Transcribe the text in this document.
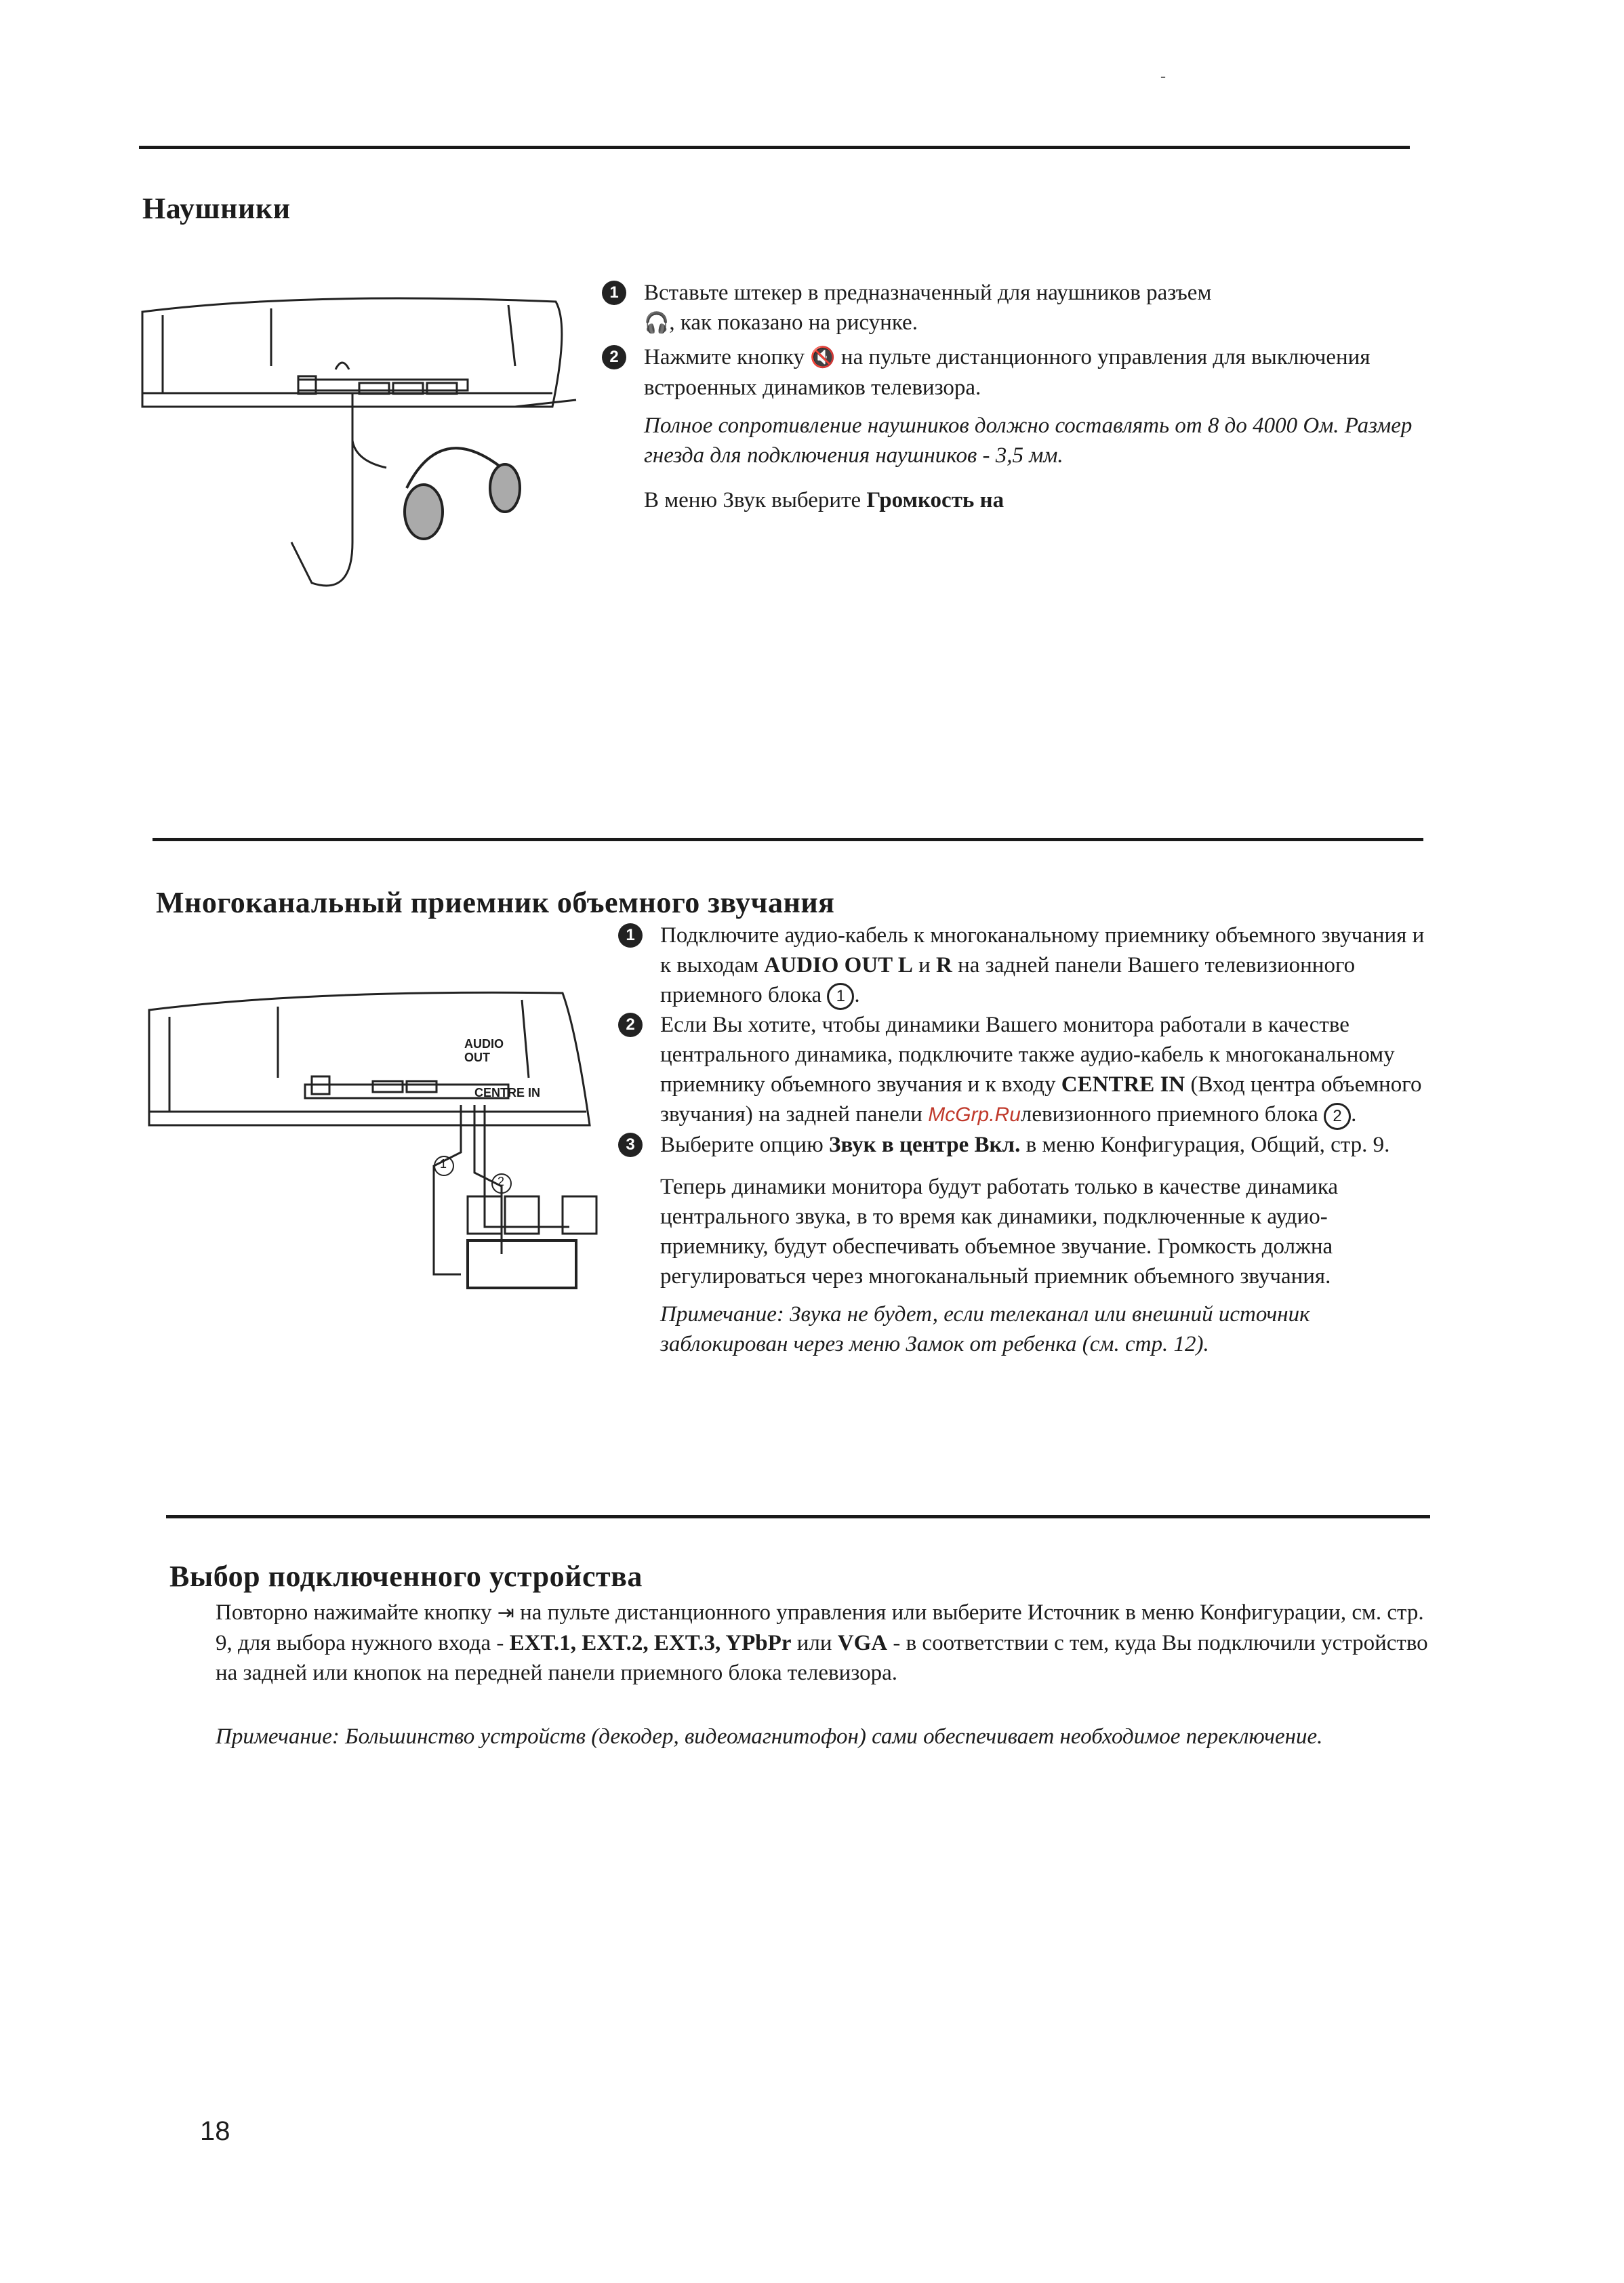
-
Наушники
1	Вставьте штекер в предназначенный для наушников разъем
🎧, как показано на рисунке.
2	Нажмите кнопку 🔇 на пульте дистанционного управления для выключения встроенных динамиков телевизора.
Полное сопротивление наушников должно составлять от 8 до 4000 Ом. Размер гнезда для подключения наушников - 3,5 мм.
В меню Звук выберите Громкость на
Многоканальный приемник объемного звучания
AUDIO
OUT
CENTRE IN
1
2
1	Подключите аудио-кабель к многоканальному приемнику объемного звучания и к выходам AUDIO OUT L и R на задней панели Вашего телевизионного приемного блока 1 .
2	Если Вы хотите, чтобы динамики Вашего монитора работали в качестве центрального динамика, подключите также аудио-кабель к многоканальному приемнику объемного звучания и к входу CENTRE IN (Вход центра объемного звучания) на задней панели McGrp.Ruлевизионного приемного блока 2 .
3	Выберите опцию Звук в центре Вкл. в меню Конфигурация, Общий, стр. 9.
Теперь динамики монитора будут работать только в качестве динамика центрального звука, в то время как динамики, подключенные к аудио-приемнику, будут обеспечивать объемное звучание. Громкость должна регулироваться через многоканальный приемник объемного звучания.
Примечание: Звука не будет, если телеканал или внешний источник заблокирован через меню Замок от ребенка (см. стр. 12).
Выбор подключенного устройства
Повторно нажимайте кнопку ⇥ на пульте дистанционного управления или выберите Источник в меню Конфигурации, см. стр. 9, для выбора нужного входа - EXT.1, EXT.2, EXT.3, YPbPr или VGA - в соответствии с тем, куда Вы подключили устройство на задней или кнопок на передней панели приемного блока телевизора.
Примечание: Большинство устройств (декодер, видеомагнитофон) сами обеспечивает необходимое переключение.

18
